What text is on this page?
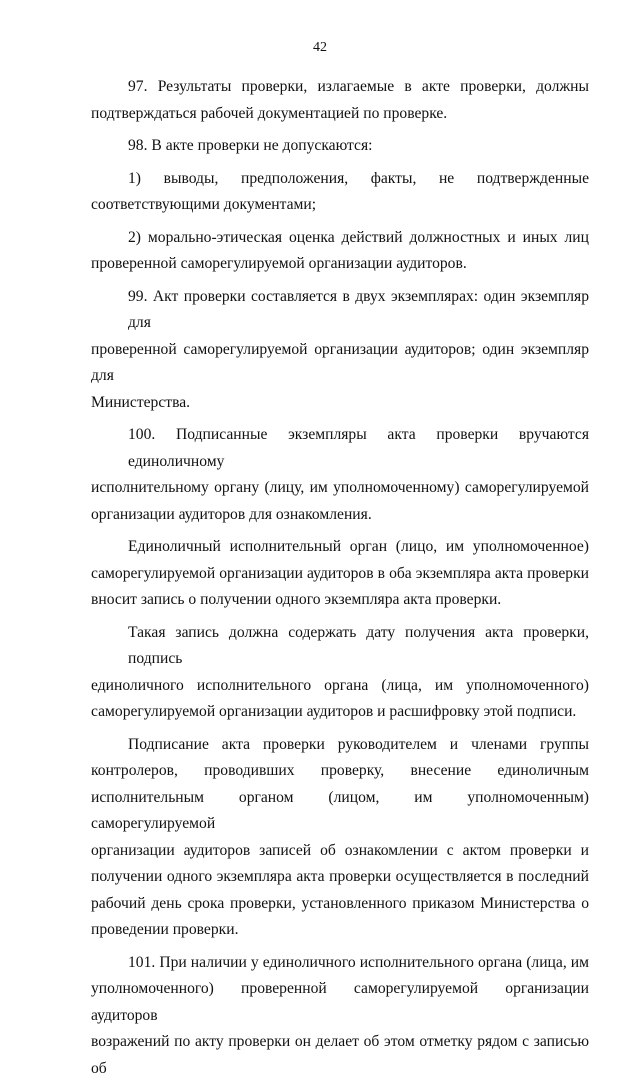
42
97. Результаты проверки, излагаемые в акте проверки, должны
подтверждаться рабочей документацией по проверке.
98. В акте проверки не допускаются:
1) выводы, предположения, факты, не подтвержденные
соответствующими документами;
2) морально-этическая оценка действий должностных и иных лиц
проверенной саморегулируемой организации аудиторов.
99. Акт проверки составляется в двух экземплярах: один экземпляр для
проверенной саморегулируемой организации аудиторов; один экземпляр для
Министерства.
100. Подписанные экземпляры акта проверки вручаются единоличному
исполнительному органу (лицу, им уполномоченному) саморегулируемой
организации аудиторов для ознакомления.
Единоличный исполнительный орган (лицо, им уполномоченное)
саморегулируемой организации аудиторов в оба экземпляра акта проверки
вносит запись о получении одного экземпляра акта проверки.
Такая запись должна содержать дату получения акта проверки, подпись
единоличного исполнительного органа (лица, им уполномоченного)
саморегулируемой организации аудиторов и расшифровку этой подписи.
Подписание акта проверки руководителем и членами группы
контролеров, проводивших проверку, внесение единоличным
исполнительным органом (лицом, им уполномоченным) саморегулируемой
организации аудиторов записей об ознакомлении с актом проверки и
получении одного экземпляра акта проверки осуществляется в последний
рабочий день срока проверки, установленного приказом Министерства о
проведении проверки.
101. При наличии у единоличного исполнительного органа (лица, им
уполномоченного) проверенной саморегулируемой организации аудиторов
возражений по акту проверки он делает об этом отметку рядом с записью об
